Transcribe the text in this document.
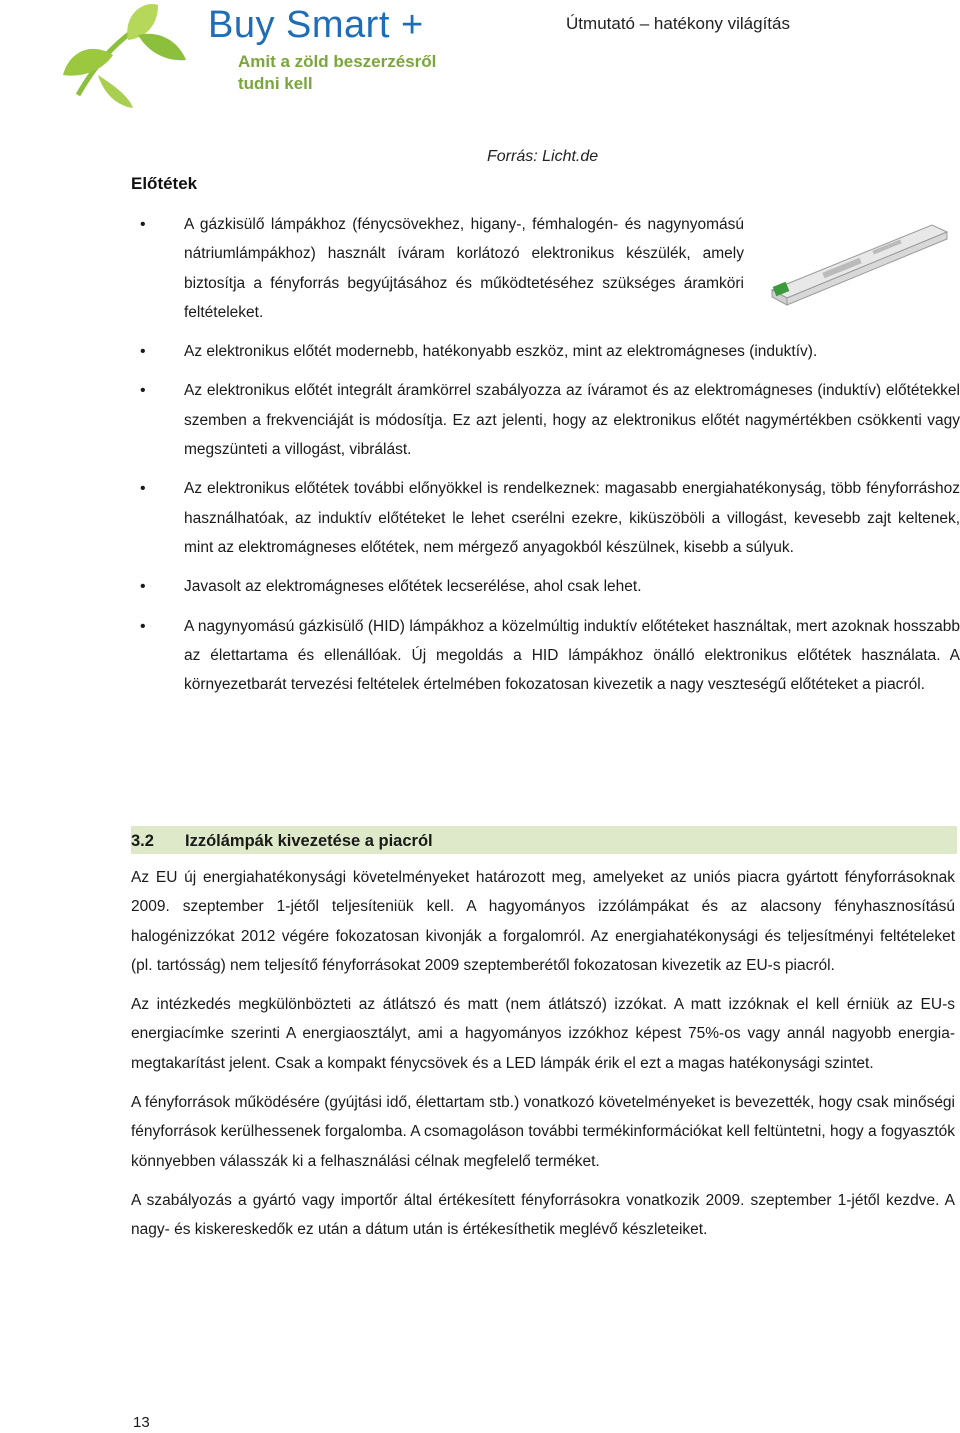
Buy Smart +
Amit a zöld beszerzésről
tudni kell
Útmutató – hatékony világítás
Forrás: Licht.de
Előtétek
• A gázkisülő lámpákhoz (fénycsövekhez, higany-, fémhalogén- és nagynyomású nátriumlámpákhoz) használt íváram korlátozó elektronikus készülék, amely biztosítja a fényforrás begyújtásához és működtetéséhez szükséges áramköri feltételeket.
• Az elektronikus előtét modernebb, hatékonyabb eszköz, mint az elektromágneses (induktív).
• Az elektronikus előtét integrált áramkörrel szabályozza az íváramot és az elektromágneses (induktív) előtétekkel szemben a frekvenciáját is módosítja. Ez azt jelenti, hogy az elektronikus előtét nagymértékben csökkenti vagy megszünteti a villogást, vibrálást.
• Az elektronikus előtétek további előnyökkel is rendelkeznek: magasabb energiahatékonyság, több fényforráshoz használhatóak, az induktív előtéteket le lehet cserélni ezekre, kiküszöböli a villogást, kevesebb zajt keltenek, mint az elektromágneses előtétek, nem mérgező anyagokból készülnek, kisebb a súlyuk.
• Javasolt az elektromágneses előtétek lecserélése, ahol csak lehet.
• A nagynyomású gázkisülő (HID) lámpákhoz a közelmúltig induktív előtéteket használtak, mert azoknak hosszabb az élettartama és ellenállóak. Új megoldás a HID lámpákhoz önálló elektronikus előtétek használata. A környezetbarát tervezési feltételek értelmében fokozatosan kivezetik a nagy veszteségű előtéteket a piacról.
3.2 Izzólámpák kivezetése a piacról

Az EU új energiahatékonysági követelményeket határozott meg, amelyeket az uniós piacra gyártott fényforrásoknak 2009. szeptember 1-jétől teljesíteniük kell. A hagyományos izzólámpákat és az alacsony fényhasznosítású halogénizzókat 2012 végére fokozatosan kivonják a forgalomról. Az energiahatékonysági és teljesítményi feltételeket (pl. tartósság) nem teljesítő fényforrásokat 2009 szeptemberétől fokozatosan kivezetik az EU-s piacról.

Az intézkedés megkülönbözteti az átlátszó és matt (nem átlátszó) izzókat. A matt izzóknak el kell érniük az EU-s energiacímke szerinti A energiaosztályt, ami a hagyományos izzókhoz képest 75%-os vagy annál nagyobb energia-megtakarítást jelent. Csak a kompakt fénycsövek és a LED lámpák érik el ezt a magas hatékonysági szintet.

A fényforrások működésére (gyújtási idő, élettartam stb.) vonatkozó követelményeket is bevezették, hogy csak minőségi fényforrások kerülhessenek forgalomba. A csomagoláson további termékinformációkat kell feltüntetni, hogy a fogyasztók könnyebben válasszák ki a felhasználási célnak megfelelő terméket.

A szabályozás a gyártó vagy importőr által értékesített fényforrásokra vonatkozik 2009. szeptember 1-jétől kezdve. A nagy- és kiskereskedők ez után a dátum után is értékesíthetik meglévő készleteiket.

13
